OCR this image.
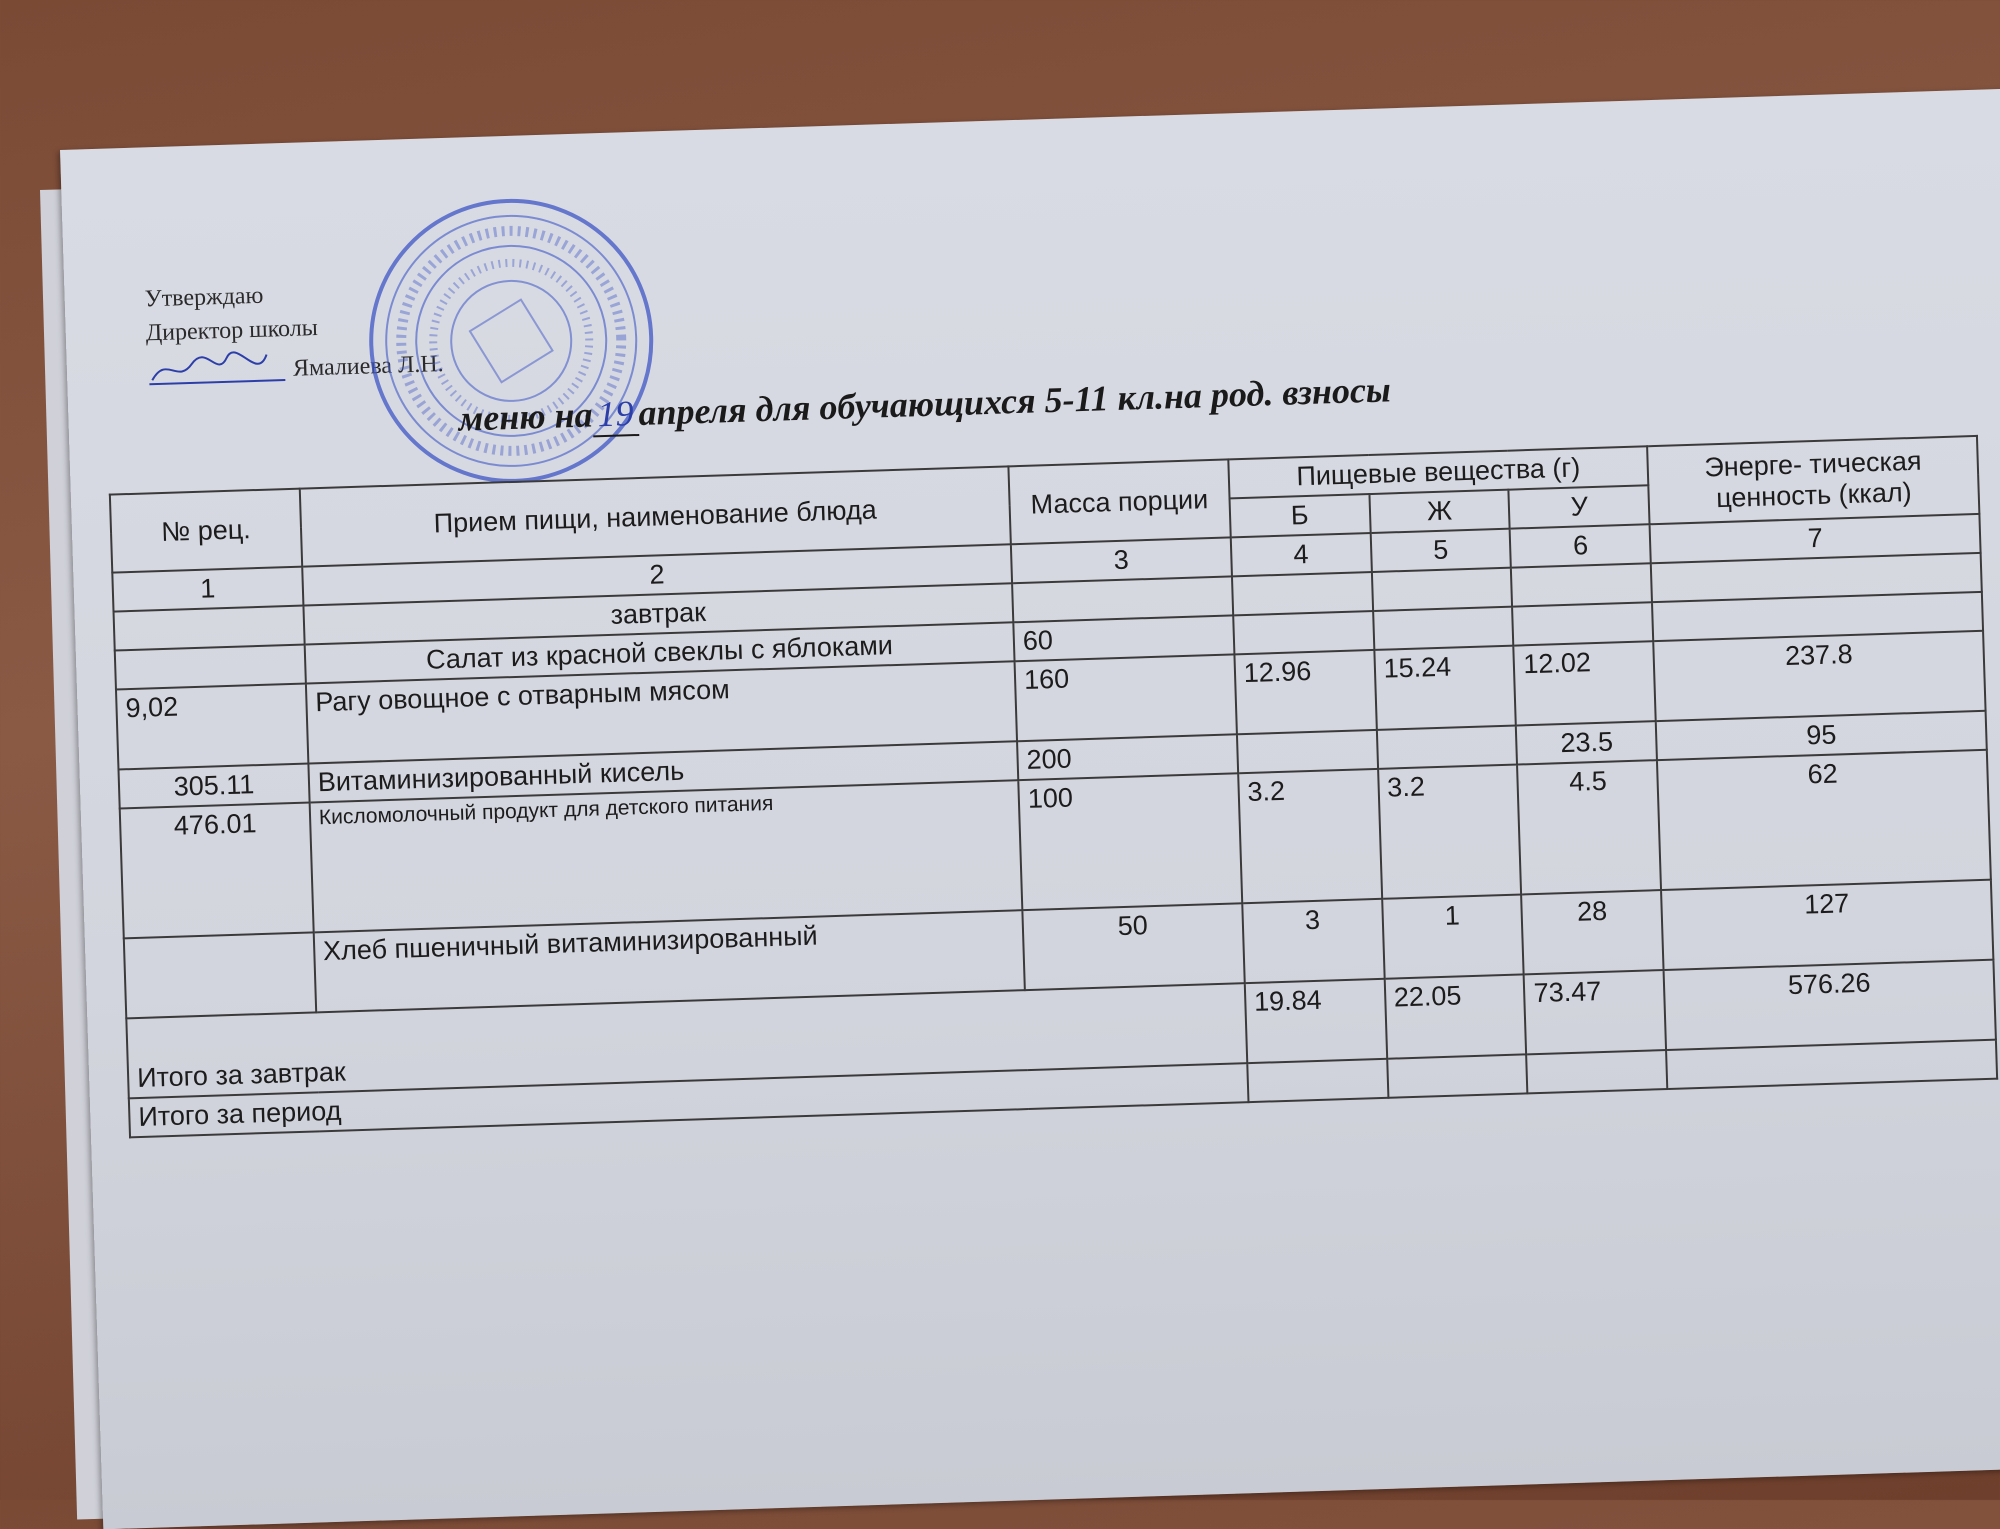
Утверждаю
Директор школы
Ямалиева Л.Н.
меню на 19 апреля для обучающихся 5-11 кл.на род. взносы
№ рец.	Прием пищи, наименование блюда	Масса порции	Пищевые вещества (г)			Энерге- тическая ценность (ккал)
			Б	Ж	У	
1	2	3	4	5	6	7
	завтрак					
	Салат из красной свеклы с яблоками	60				
9,02	Рагу овощное с отварным мясом	160	12.96	15.24	12.02	237.8
305.11	Витаминизированный кисель	200			23.5	95
476.01	Кисломолочный продукт для детского питания	100	3.2	3.2	4.5	62
	Хлеб пшеничный витаминизированный	50	3	1	28	127
Итого за завтрак			19.84	22.05	73.47	576.26
Итого за период						
